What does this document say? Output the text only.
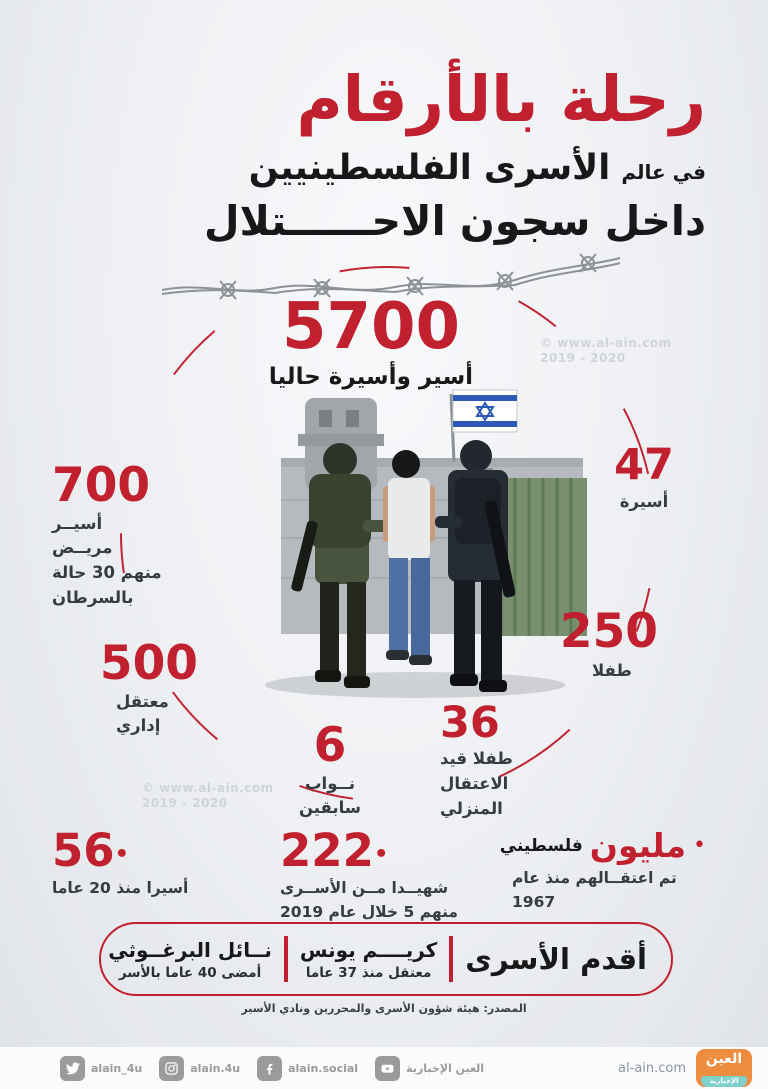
رحلة بالأرقام
في عالم الأسرى الفلسطينيين
داخل سجون الاحــــــتلال
5700
أسير وأسيرة حاليا
© www.al-ain.com
2019 - 2020
© www.al-ain.com
2019 - 2020
700
أسيــر مريــض
منهم 30 حالة
بالسرطان
47
أسيرة
250
طفلا
500
معتقل
إداري	6
نــواب
سابقين
36
طفلا قيد
الاعتقال
المنزلي
56•
أسيرا منذ 20 عاما
222•
شهيــدا مــن الأســرى
منهم 5 خلال عام 2019
•
مليون
فلسطيني
تم اعتقــالهم منذ عام
1967
أقدم الأسرى
كريــــم يونس
معتقل منذ 37 عاما
نــائل البرغــوثي
أمضى 40 عاما بالأسر
المصدر: هيئة شؤون الأسرى والمحررين ونادي الأسير
alain_4u	alain.4u	alain.social	العين الإخبارية	al-ain.com
العين
الإخبارية
